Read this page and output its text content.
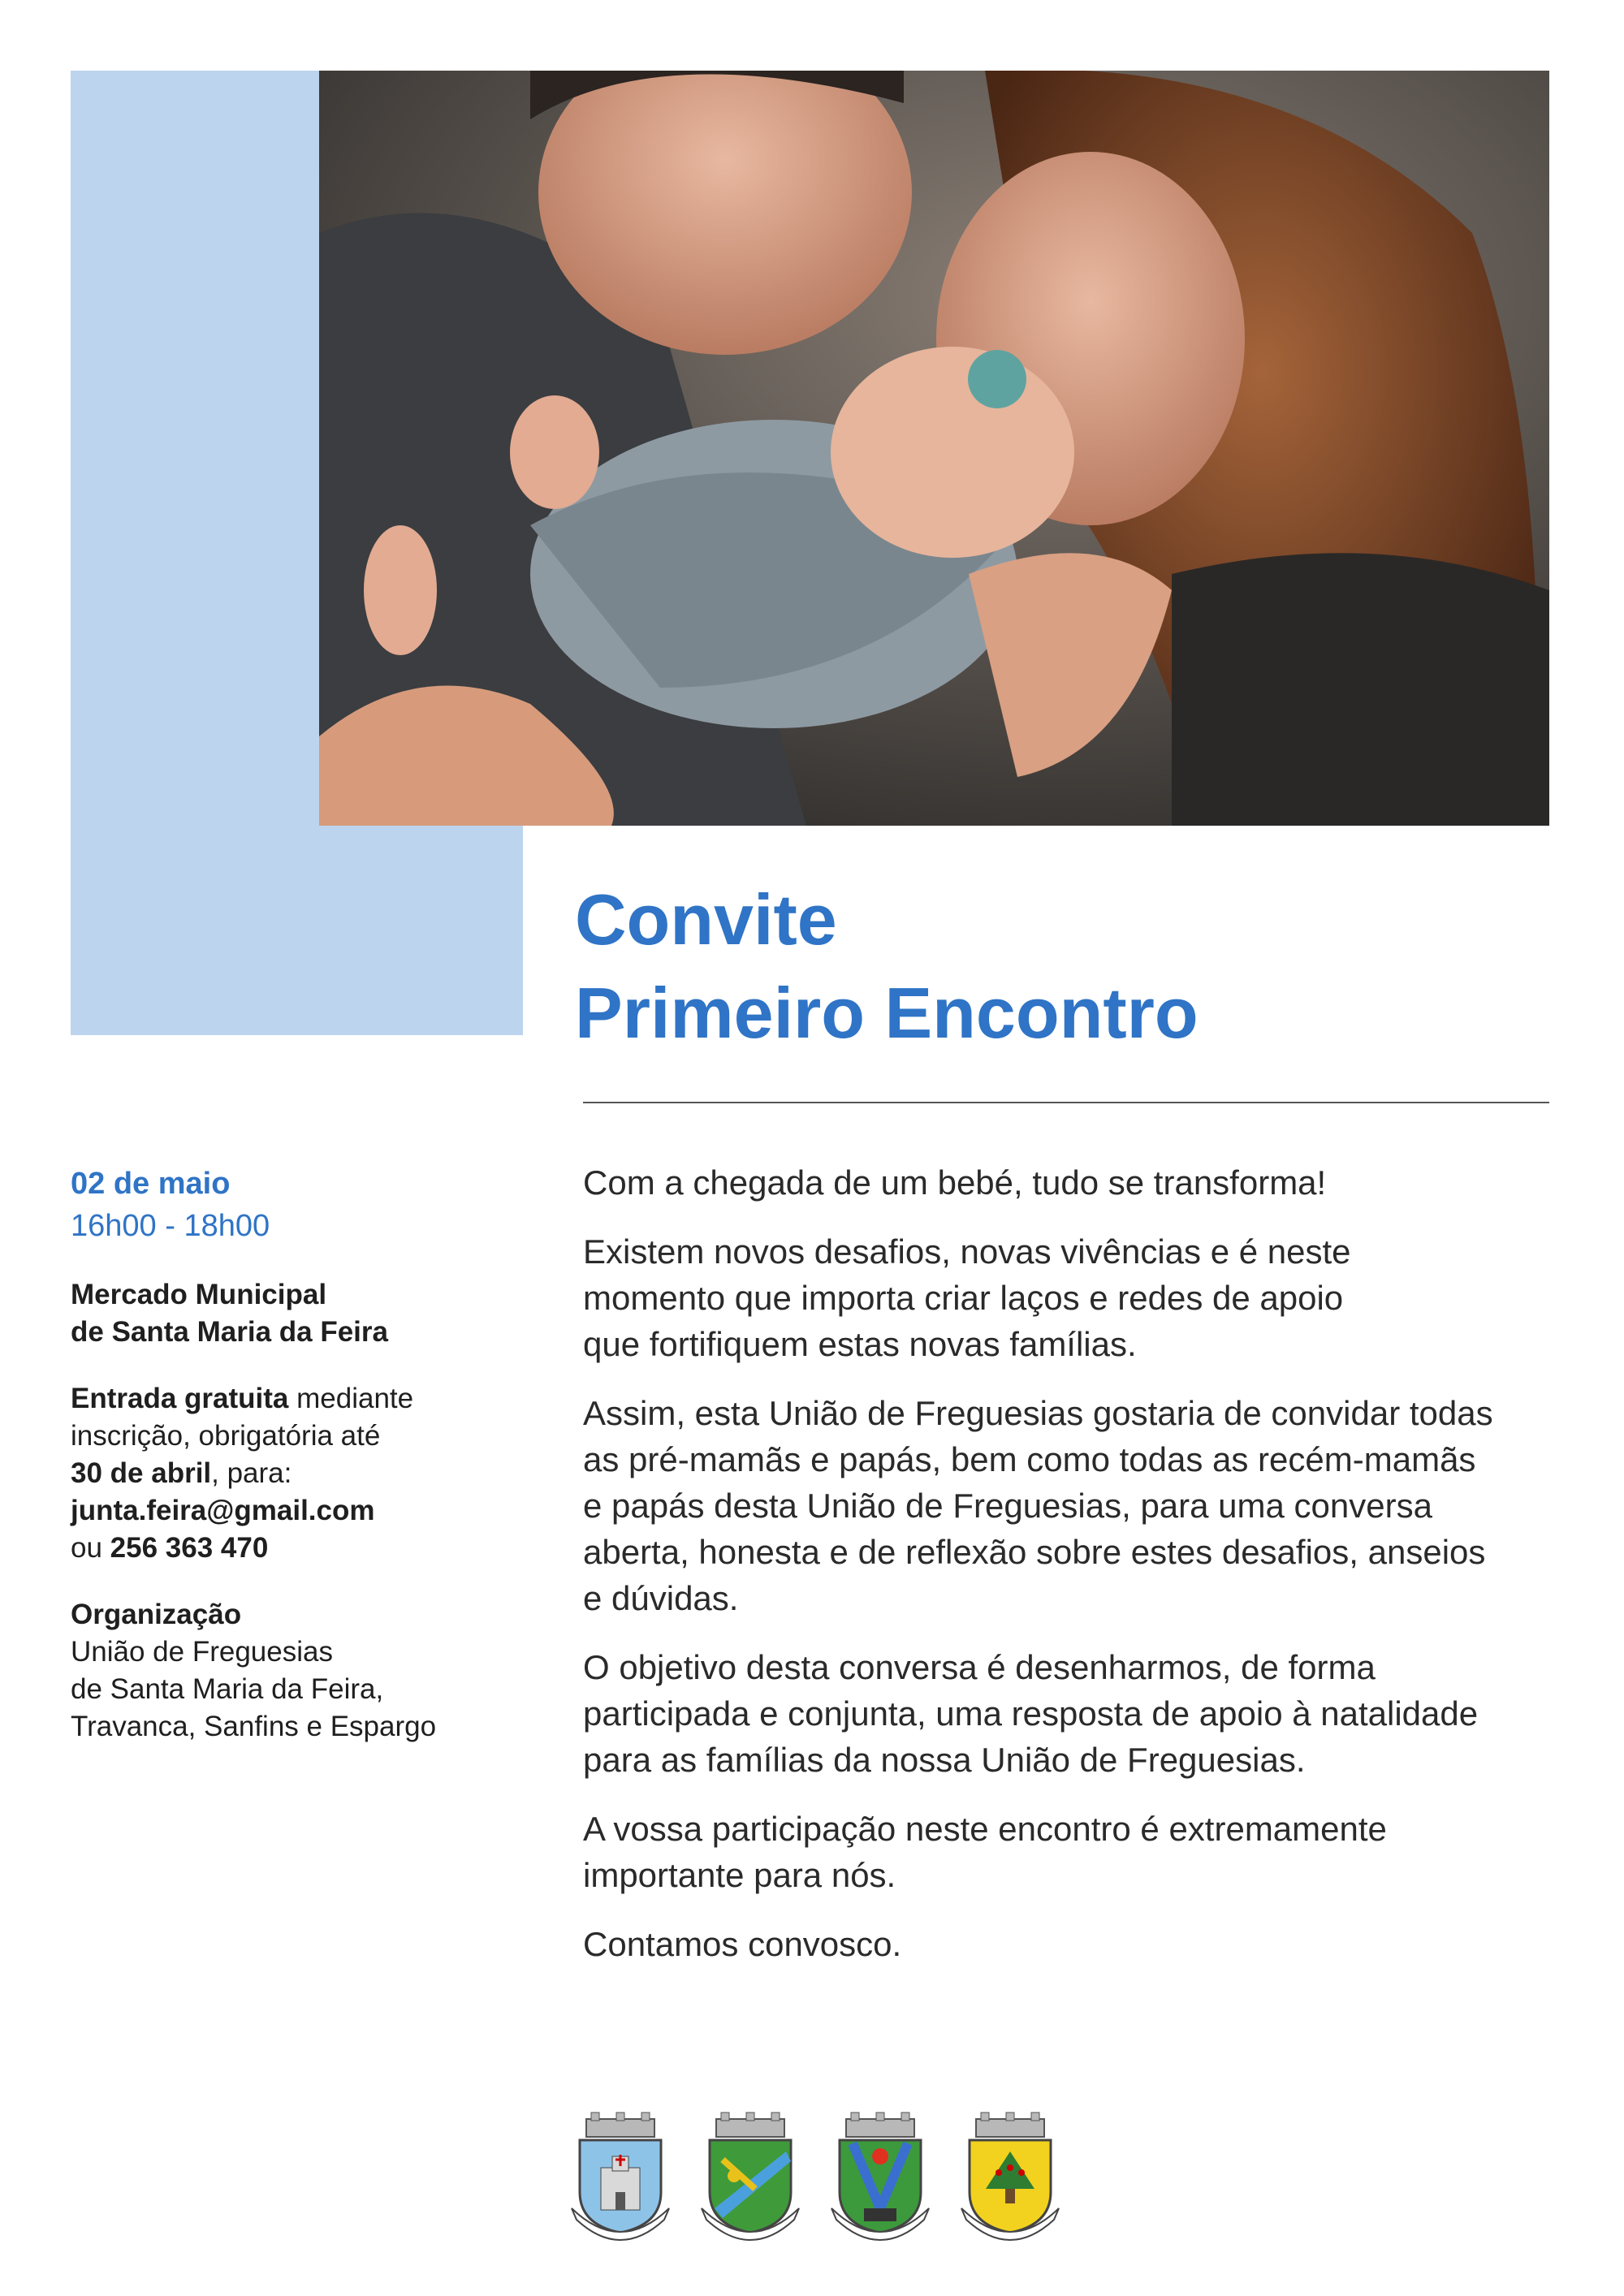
Convite
Primeiro Encontro
02 de maio
16h00 - 18h00
Mercado Municipal
de Santa Maria da Feira
Entrada gratuita mediante
inscrição, obrigatória até
30 de abril, para:
junta.feira@gmail.com
ou 256 363 470
Organização
União de Freguesias
de Santa Maria da Feira,
Travanca, Sanfins e Espargo

Com a chegada de um bebé, tudo se transforma!

Existem novos desafios, novas vivências e é neste
momento que importa criar laços e redes de apoio
que fortifiquem estas novas famílias.

Assim, esta União de Freguesias gostaria de convidar todas
as pré-mamãs e papás, bem como todas as recém-mamãs
e papás desta União de Freguesias, para uma conversa
aberta, honesta e de reflexão sobre estes desafios, anseios
e dúvidas.

O objetivo desta conversa é desenharmos, de forma
participada e conjunta, uma resposta de apoio à natalidade
para as famílias da nossa União de Freguesias.

A vossa participação neste encontro é extremamente
importante para nós.

Contamos convosco.
